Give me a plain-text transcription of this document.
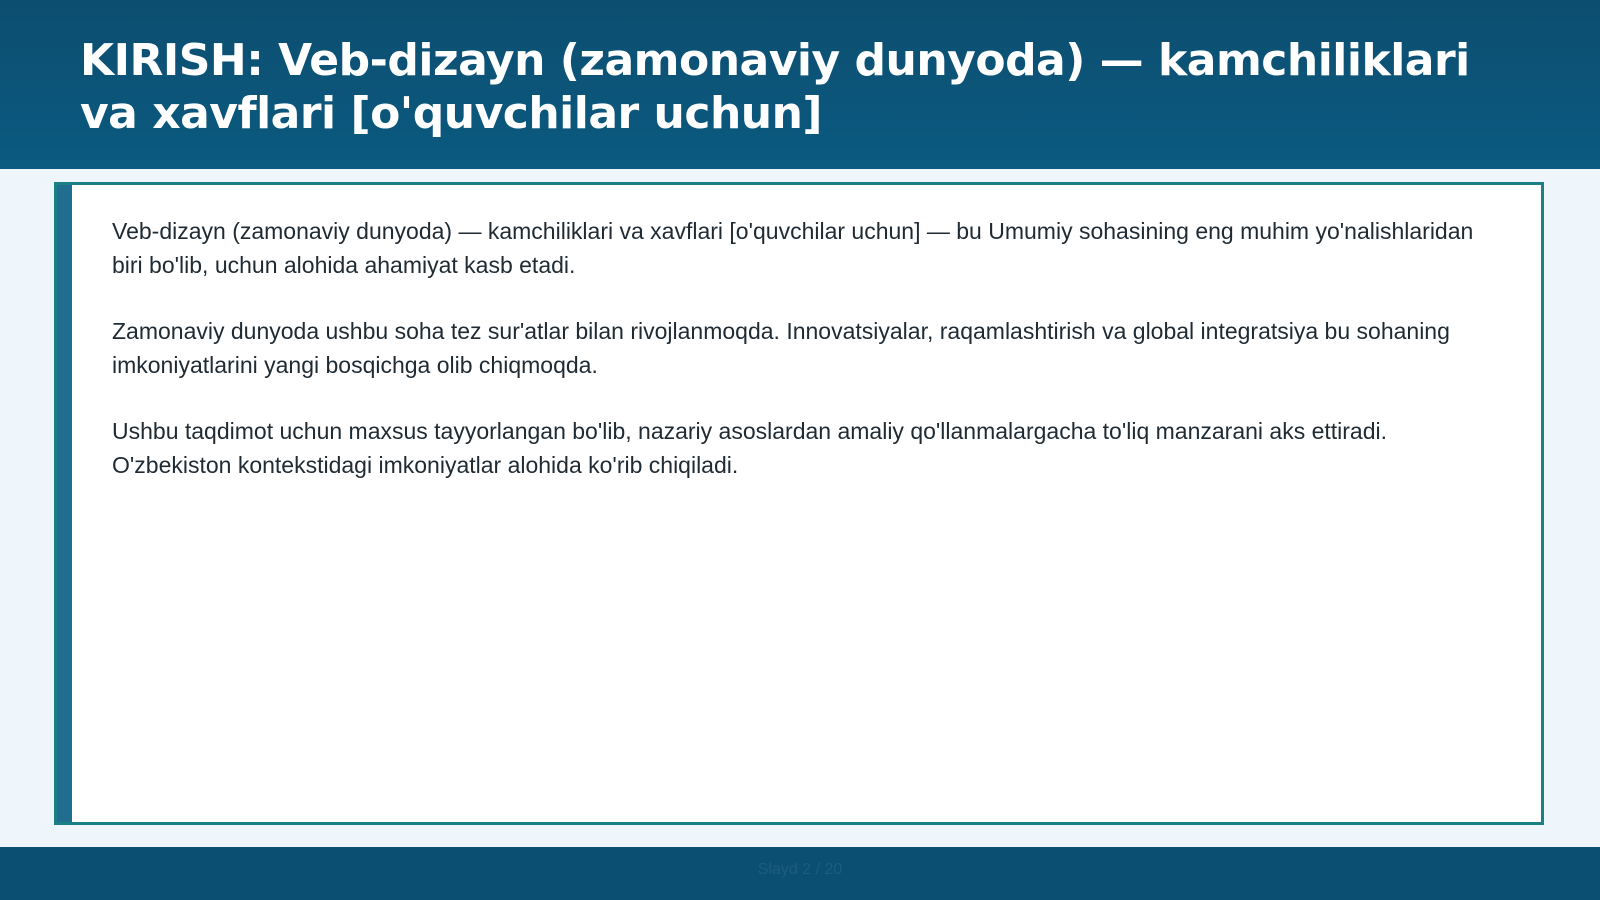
KIRISH: Veb-dizayn (zamonaviy dunyoda) — kamchiliklari va xavflari [o'quvchilar uchun]

Veb-dizayn (zamonaviy dunyoda) — kamchiliklari va xavflari [o'quvchilar uchun] — bu Umumiy sohasining eng muhim yo'nalishlaridan biri bo'lib, uchun alohida ahamiyat kasb etadi.

Zamonaviy dunyoda ushbu soha tez sur'atlar bilan rivojlanmoqda. Innovatsiyalar, raqamlashtirish va global integratsiya bu sohaning imkoniyatlarini yangi bosqichga olib chiqmoqda.

Ushbu taqdimot uchun maxsus tayyorlangan bo'lib, nazariy asoslardan amaliy qo'llanmalargacha to'liq manzarani aks ettiradi. O'zbekiston kontekstidagi imkoniyatlar alohida ko'rib chiqiladi.

Slayd 2 / 20
